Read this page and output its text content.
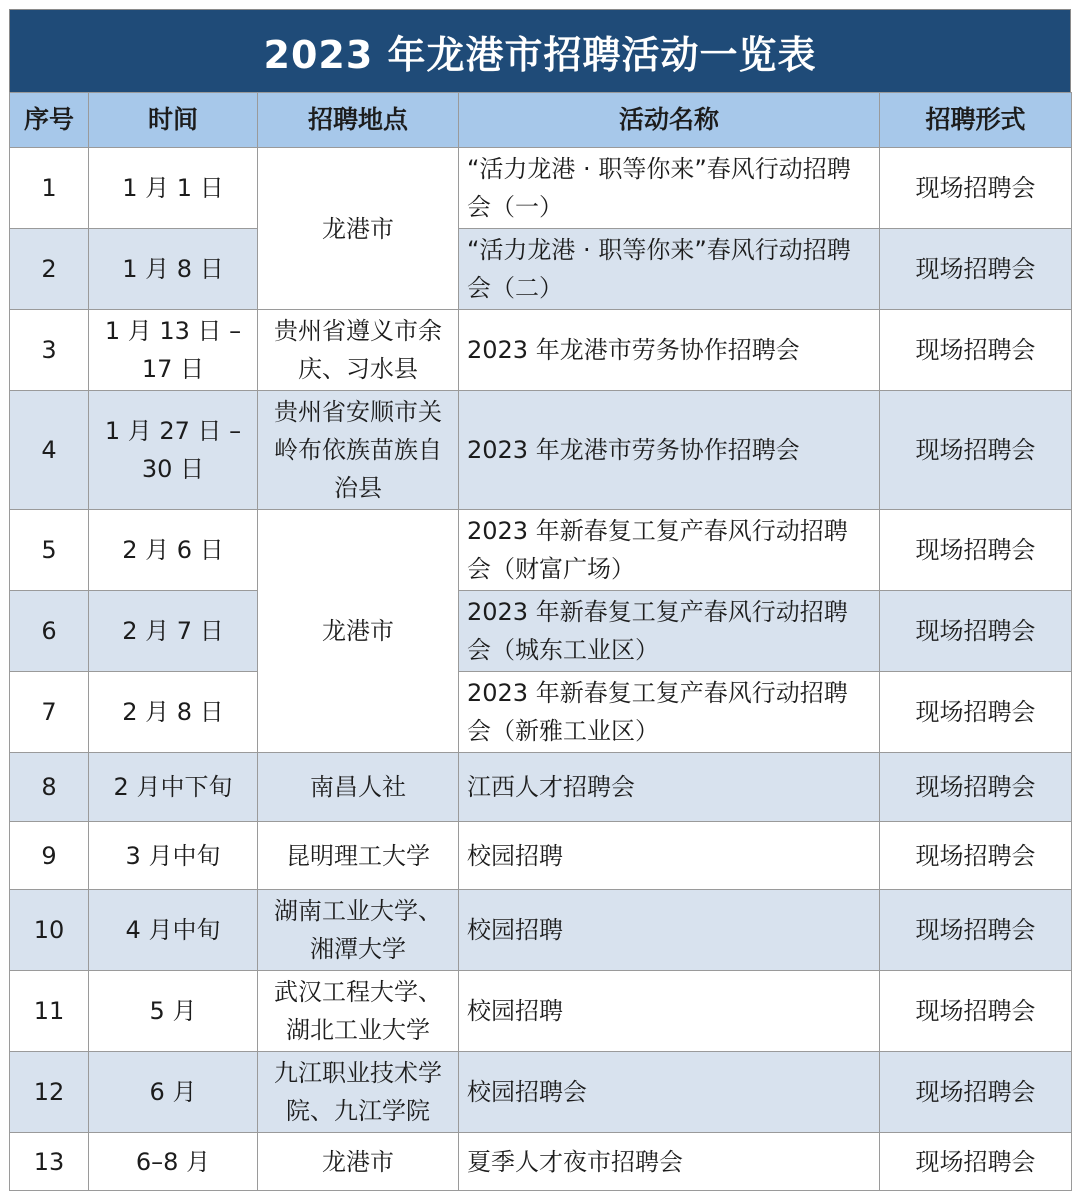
2023 年龙港市招聘活动一览表
序号	时间	招聘地点	活动名称	招聘形式
1	1 月 1 日	龙港市	“活力龙港 · 职等你来”春风行动招聘会（一）	现场招聘会
2	1 月 8 日		“活力龙港 · 职等你来”春风行动招聘会（二）	现场招聘会
3	1 月 13 日 –17 日	贵州省遵义市余庆、习水县	2023 年龙港市劳务协作招聘会	现场招聘会
4	1 月 27 日 –30 日	贵州省安顺市关岭布依族苗族自治县	2023 年龙港市劳务协作招聘会	现场招聘会
5	2 月 6 日	龙港市	2023 年新春复工复产春风行动招聘会（财富广场）	现场招聘会
6	2 月 7 日		2023 年新春复工复产春风行动招聘会（城东工业区）	现场招聘会
7	2 月 8 日		2023 年新春复工复产春风行动招聘会（新雅工业区）	现场招聘会
8	2 月中下旬	南昌人社	江西人才招聘会	现场招聘会
9	3 月中旬	昆明理工大学	校园招聘	现场招聘会
10	4 月中旬	湖南工业大学、湘潭大学	校园招聘	现场招聘会
11	5 月	武汉工程大学、湖北工业大学	校园招聘	现场招聘会
12	6 月	九江职业技术学院、九江学院	校园招聘会	现场招聘会
13	6–8 月	龙港市	夏季人才夜市招聘会	现场招聘会
